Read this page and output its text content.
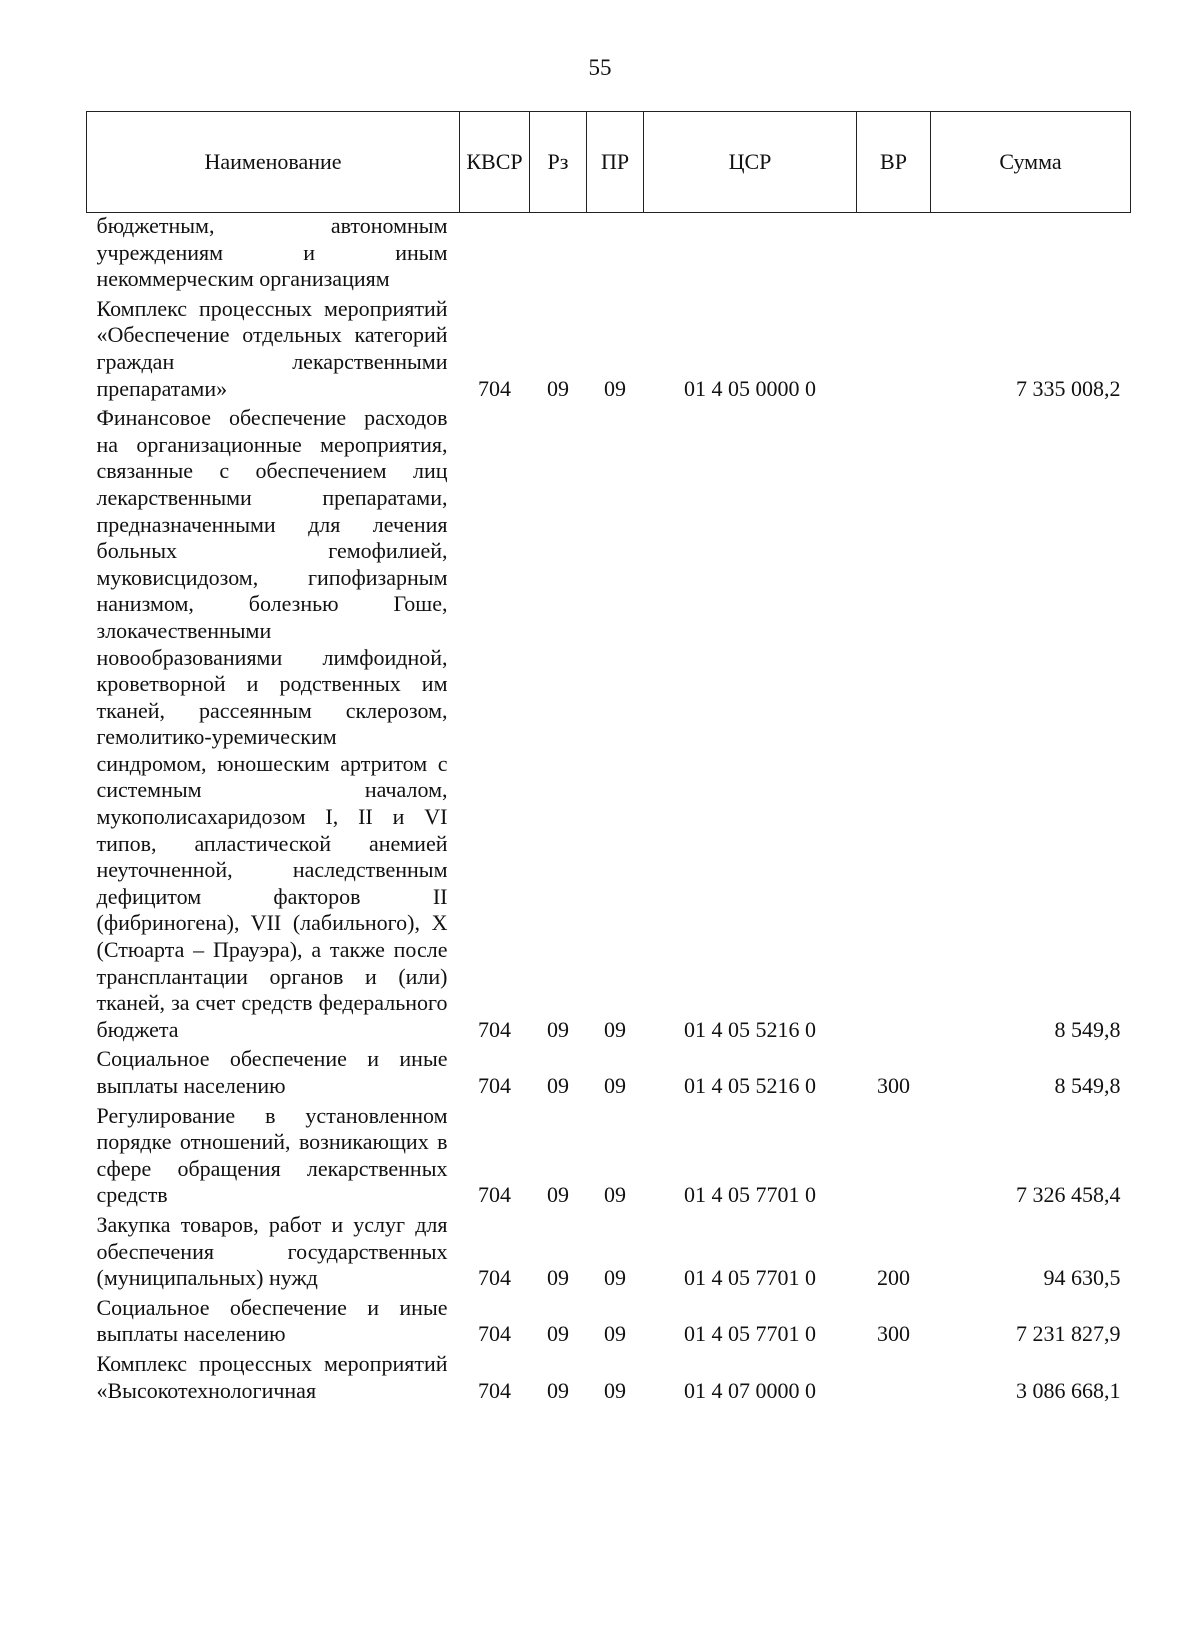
55
Наименование	КВСР	Рз	ПР	ЦСР	ВР	Сумма
бюджетным, автономным учреждениям и иным некоммерческим организациям						
Комплекс процессных мероприятий «Обеспечение отдельных категорий граждан лекарственными препаратами»	704	09	09	01 4 05 0000 0		7 335 008,2
Финансовое обеспечение расходов на организационные мероприятия, связанные с обеспечением лиц лекарственными препаратами, предназначенными для лечения больных гемофилией, муковисцидозом, гипофизарным нанизмом, болезнью Гоше, злокачественными новообразованиями лимфоидной, кроветворной и родственных им тканей, рассеянным склерозом, гемолитико-уремическим синдромом, юношеским артритом с системным началом, мукополисахаридозом I, II и VI типов, апластической анемией неуточненной, наследственным дефицитом факторов II (фибриногена), VII (лабильного), X (Стюарта – Прауэра), а также после трансплантации органов и (или) тканей, за счет средств федерального бюджета	704	09	09	01 4 05 5216 0		8 549,8
Социальное обеспечение и иные выплаты населению	704	09	09	01 4 05 5216 0	300	8 549,8
Регулирование в установленном порядке отношений, возникающих в сфере обращения лекарственных средств	704	09	09	01 4 05 7701 0		7 326 458,4
Закупка товаров, работ и услуг для обеспечения государственных (муниципальных) нужд	704	09	09	01 4 05 7701 0	200	94 630,5
Социальное обеспечение и иные выплаты населению	704	09	09	01 4 05 7701 0	300	7 231 827,9
Комплекс процессных мероприятий «Высокотехнологичная	704	09	09	01 4 07 0000 0		3 086 668,1
